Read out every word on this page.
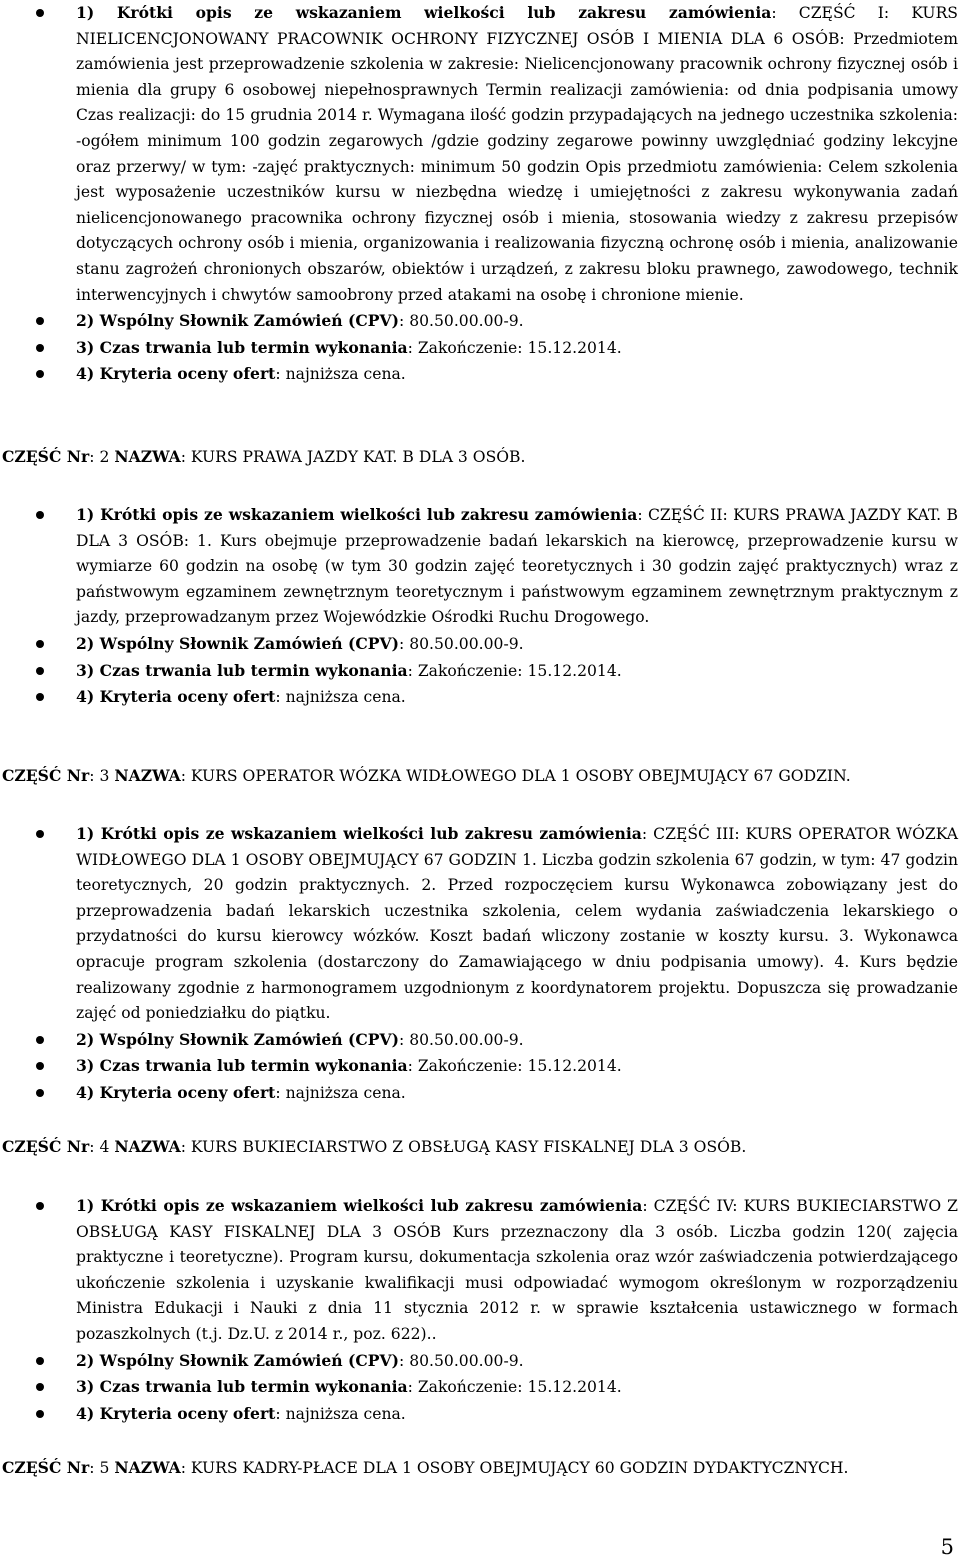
1) Krótki opis ze wskazaniem wielkości lub zakresu zamówienia: CZĘŚĆ I: KURS NIELICENCJONOWANY PRACOWNIK OCHRONY FIZYCZNEJ OSÓB I MIENIA DLA 6 OSÓB: Przedmiotem zamówienia jest przeprowadzenie szkolenia w zakresie: Nielicencjonowany pracownik ochrony fizycznej osób i mienia dla grupy 6 osobowej niepełnosprawnych Termin realizacji zamówienia: od dnia podpisania umowy Czas realizacji: do 15 grudnia 2014 r. Wymagana ilość godzin przypadających na jednego uczestnika szkolenia: -ogółem minimum 100 godzin zegarowych /gdzie godziny zegarowe powinny uwzględniać godziny lekcyjne oraz przerwy/ w tym: -zajęć praktycznych: minimum 50 godzin Opis przedmiotu zamówienia: Celem szkolenia jest wyposażenie uczestników kursu w niezbędna wiedzę i umiejętności z zakresu wykonywania zadań nielicencjonowanego pracownika ochrony fizycznej osób i mienia, stosowania wiedzy z zakresu przepisów dotyczących ochrony osób i mienia, organizowania i realizowania fizyczną ochronę osób i mienia, analizowanie stanu zagrożeń chronionych obszarów, obiektów i urządzeń, z zakresu bloku prawnego, zawodowego, technik interwencyjnych i chwytów samoobrony przed atakami na osobę i chronione mienie.
2) Wspólny Słownik Zamówień (CPV): 80.50.00.00-9.
3) Czas trwania lub termin wykonania: Zakończenie: 15.12.2014.
4) Kryteria oceny ofert: najniższa cena.
CZĘŚĆ Nr: 2 NAZWA: KURS PRAWA JAZDY KAT. B DLA 3 OSÓB.
1) Krótki opis ze wskazaniem wielkości lub zakresu zamówienia: CZĘŚĆ II: KURS PRAWA JAZDY KAT. B DLA 3 OSÓB: 1. Kurs obejmuje przeprowadzenie badań lekarskich na kierowcę, przeprowadzenie kursu w wymiarze 60 godzin na osobę (w tym 30 godzin zajęć teoretycznych i 30 godzin zajęć praktycznych) wraz z państwowym egzaminem zewnętrznym teoretycznym i państwowym egzaminem zewnętrznym praktycznym z jazdy, przeprowadzanym przez Wojewódzkie Ośrodki Ruchu Drogowego.
2) Wspólny Słownik Zamówień (CPV): 80.50.00.00-9.
3) Czas trwania lub termin wykonania: Zakończenie: 15.12.2014.
4) Kryteria oceny ofert: najniższa cena.
CZĘŚĆ Nr: 3 NAZWA: KURS OPERATOR WÓZKA WIDŁOWEGO DLA 1 OSOBY OBEJMUJĄCY 67 GODZIN.
1) Krótki opis ze wskazaniem wielkości lub zakresu zamówienia: CZĘŚĆ III: KURS OPERATOR WÓZKA WIDŁOWEGO DLA 1 OSOBY OBEJMUJĄCY 67 GODZIN 1. Liczba godzin szkolenia 67 godzin, w tym: 47 godzin teoretycznych, 20 godzin praktycznych. 2. Przed rozpoczęciem kursu Wykonawca zobowiązany jest do przeprowadzenia badań lekarskich uczestnika szkolenia, celem wydania zaświadczenia lekarskiego o przydatności do kursu kierowcy wózków. Koszt badań wliczony zostanie w koszty kursu. 3. Wykonawca opracuje program szkolenia (dostarczony do Zamawiającego w dniu podpisania umowy). 4. Kurs będzie realizowany zgodnie z harmonogramem uzgodnionym z koordynatorem projektu. Dopuszcza się prowadzanie zajęć od poniedziałku do piątku.
2) Wspólny Słownik Zamówień (CPV): 80.50.00.00-9.
3) Czas trwania lub termin wykonania: Zakończenie: 15.12.2014.
4) Kryteria oceny ofert: najniższa cena.
CZĘŚĆ Nr: 4 NAZWA: KURS BUKIECIARSTWO Z OBSŁUGĄ KASY FISKALNEJ DLA 3 OSÓB.
1) Krótki opis ze wskazaniem wielkości lub zakresu zamówienia: CZĘŚĆ IV: KURS BUKIECIARSTWO Z OBSŁUGĄ KASY FISKALNEJ DLA 3 OSÓB Kurs przeznaczony dla 3 osób. Liczba godzin 120( zajęcia praktyczne i teoretyczne). Program kursu, dokumentacja szkolenia oraz wzór zaświadczenia potwierdzającego ukończenie szkolenia i uzyskanie kwalifikacji musi odpowiadać wymogom określonym w rozporządzeniu Ministra Edukacji i Nauki z dnia 11 stycznia 2012 r. w sprawie kształcenia ustawicznego w formach pozaszkolnych (t.j. Dz.U. z 2014 r., poz. 622)..
2) Wspólny Słownik Zamówień (CPV): 80.50.00.00-9.
3) Czas trwania lub termin wykonania: Zakończenie: 15.12.2014.
4) Kryteria oceny ofert: najniższa cena.
CZĘŚĆ Nr: 5 NAZWA: KURS KADRY-PŁACE DLA 1 OSOBY OBEJMUJĄCY 60 GODZIN DYDAKTYCZNYCH.
5
